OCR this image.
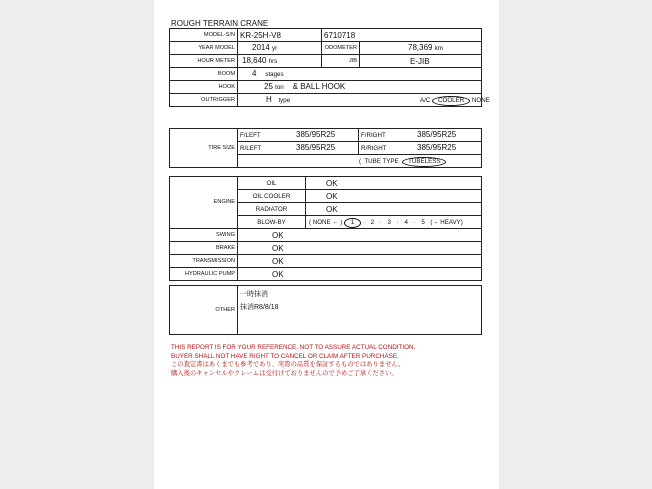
ROUGH TERRAIN CRANE
MODEL-S/N	KR-25H-V8	6710718	
YEAR MODEL	2014 yr	ODOMETER	78,369 km
HOUR METER	18,640 hrs	JIB	E-JIB
BOOM	4 stages		
HOOK	25 ton & BALL HOOK		
OUTRIGGER	H type A/C COOLER NONE		
TIRE SIZE	F/LEFT 385/95R25	F/RIGHT 385/95R25

	R/LEFT 385/95R25	R/RIGHT 385/95R25

	( TUBE TYPE TUBELESS	
ENGINE	OIL	OK
	OIL COOLER	OK
	RADIATOR	OK
	BLOW-BY	( NONE ← ) 1 · 2 · 3 · 4 · 5 (→ HEAVY)
SWING	OK	
BRAKE	OK	
TRANSMISSION	OK	
HYDRAULIC PUMP	OK	

OTHER	一時抹消
抹消R8/8/18	
THIS REPORT IS FOR YOUR REFERENCE, NOT TO ASSURE ACTUAL CONDITION.
BUYER SHALL NOT HAVE RIGHT TO CANCEL OR CLAIM AFTER PURCHASE.
この査定書はあくまでも参考であり、実際の品質を保証するものではありません。
購入後のキャンセルやクレームは受付けておりませんので予めご了承ください。
